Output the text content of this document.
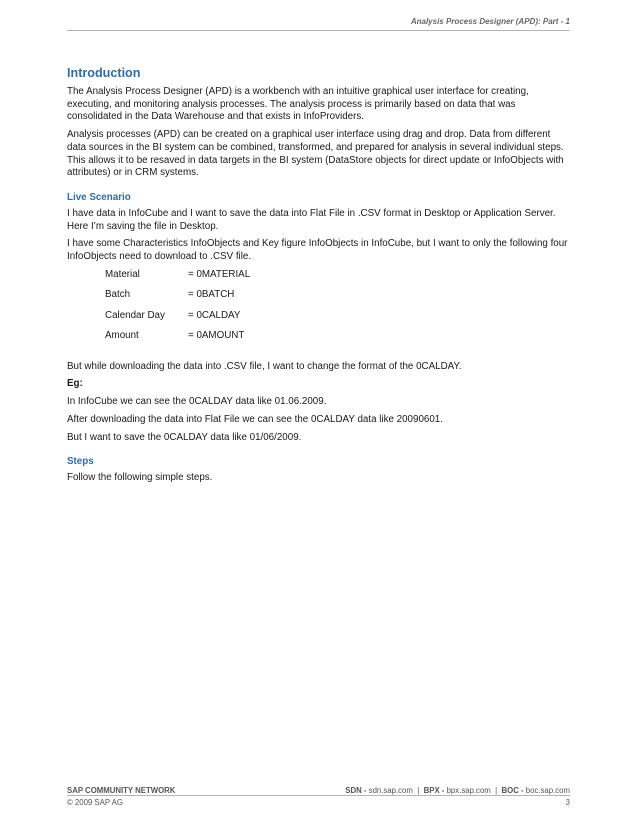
Analysis Process Designer (APD): Part - 1
Introduction

The Analysis Process Designer (APD) is a workbench with an intuitive graphical user interface for creating, executing, and monitoring analysis processes. The analysis process is primarily based on data that was consolidated in the Data Warehouse and that exists in InfoProviders.

Analysis processes (APD) can be created on a graphical user interface using drag and drop. Data from different data sources in the BI system can be combined, transformed, and prepared for analysis in several individual steps. This allows it to be resaved in data targets in the BI system (DataStore objects for direct update or InfoObjects with attributes) or in CRM systems.

Live Scenario

I have data in InfoCube and I want to save the data into Flat File in .CSV format in Desktop or Application Server. Here I’m saving the file in Desktop.

I have some Characteristics InfoObjects and Key figure InfoObjects in InfoCube, but I want to only the following four InfoObjects need to download to .CSV file.

Material	= 0MATERIAL
Batch	= 0BATCH
Calendar Day	= 0CALDAY
Amount	= 0AMOUNT

But while downloading the data into .CSV file, I want to change the format of the 0CALDAY.

Eg:

In InfoCube we can see the 0CALDAY data like 01.06.2009.

After downloading the data into Flat File we can see the 0CALDAY data like 20090601.

But I want to save the 0CALDAY data like 01/06/2009.

Steps

Follow the following simple steps.

SAP COMMUNITY NETWORK
© 2009 SAP AG
SDN - sdn.sap.com | BPX - bpx.sap.com | BOC - boc.sap.com
3
